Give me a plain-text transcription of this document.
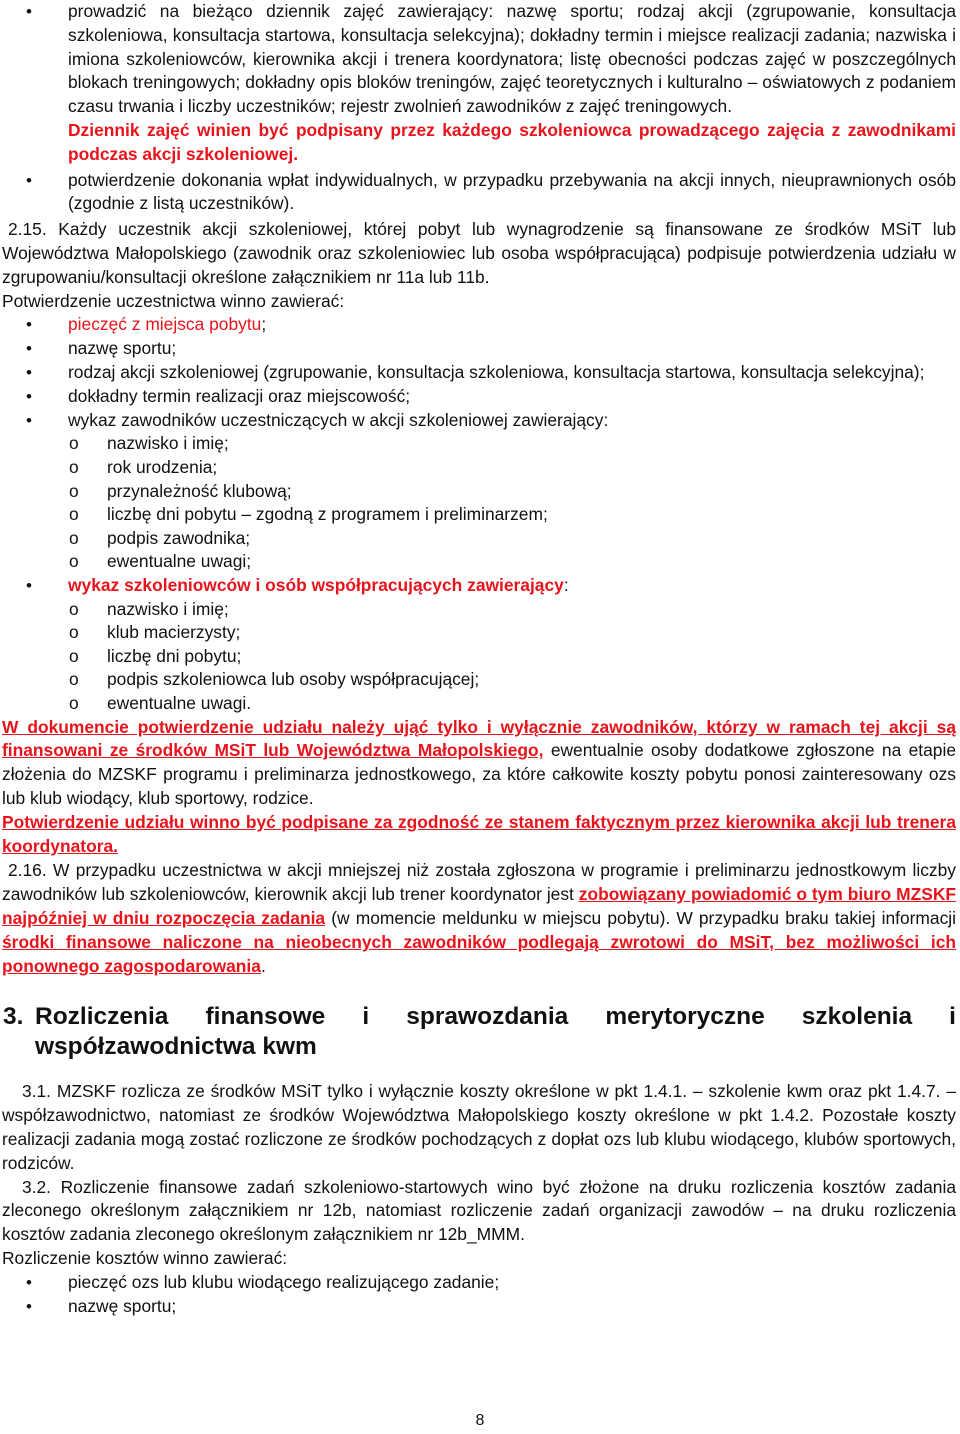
• prowadzić na bieżąco dziennik zajęć zawierający: nazwę sportu; rodzaj akcji (zgrupowanie, konsultacja szkoleniowa, konsultacja startowa, konsultacja selekcyjna); dokładny termin i miejsce realizacji zadania; nazwiska i imiona szkoleniowców, kierownika akcji i trenera koordynatora; listę obecności podczas zajęć w poszczególnych blokach treningowych; dokładny opis bloków treningów, zajęć teoretycznych i kulturalno – oświatowych z podaniem czasu trwania i liczby uczestników; rejestr zwolnień zawodników z zajęć treningowych.
Dziennik zajęć winien być podpisany przez każdego szkoleniowca prowadzącego zajęcia z zawodnikami podczas akcji szkoleniowej.
• potwierdzenie dokonania wpłat indywidualnych, w przypadku przebywania na akcji innych, nieuprawnionych osób (zgodnie z listą uczestników).

2.15. Każdy uczestnik akcji szkoleniowej, której pobyt lub wynagrodzenie są finansowane ze środków MSiT lub Województwa Małopolskiego (zawodnik oraz szkoleniowiec lub osoba współpracująca) podpisuje potwierdzenia udziału w zgrupowaniu/konsultacji określone załącznikiem nr 11a lub 11b.

Potwierdzenie uczestnictwa winno zawierać:

• pieczęć z miejsca pobytu;
• nazwę sportu;
• rodzaj akcji szkoleniowej (zgrupowanie, konsultacja szkoleniowa, konsultacja startowa, konsultacja selekcyjna);
• dokładny termin realizacji oraz miejscowość;
• wykaz zawodników uczestniczących w akcji szkoleniowej zawierający:
o nazwisko i imię;
o rok urodzenia;
o przynależność klubową;
o liczbę dni pobytu – zgodną z programem i preliminarzem;
o podpis zawodnika;
o ewentualne uwagi;
• wykaz szkoleniowców i osób współpracujących zawierający:
o nazwisko i imię;
o klub macierzysty;
o liczbę dni pobytu;
o podpis szkoleniowca lub osoby współpracującej;
o ewentualne uwagi.

W dokumencie potwierdzenie udziału należy ująć tylko i wyłącznie zawodników, którzy w ramach tej akcji są finansowani ze środków MSiT lub Województwa Małopolskiego, ewentualnie osoby dodatkowe zgłoszone na etapie złożenia do MZSKF programu i preliminarza jednostkowego, za które całkowite koszty pobytu ponosi zainteresowany ozs lub klub wiodący, klub sportowy, rodzice.

Potwierdzenie udziału winno być podpisane za zgodność ze stanem faktycznym przez kierownika akcji lub trenera koordynatora.

2.16. W przypadku uczestnictwa w akcji mniejszej niż została zgłoszona w programie i preliminarzu jednostkowym liczby zawodników lub szkoleniowców, kierownik akcji lub trener koordynator jest zobowiązany powiadomić o tym biuro MZSKF najpóźniej w dniu rozpoczęcia zadania (w momencie meldunku w miejscu pobytu). W przypadku braku takiej informacji środki finansowe naliczone na nieobecnych zawodników podlegają zwrotowi do MSiT, bez możliwości ich ponownego zagospodarowania.

3. Rozliczenia finansowe i sprawozdania merytoryczne szkolenia i współzawodnictwa kwm

3.1. MZSKF rozlicza ze środków MSiT tylko i wyłącznie koszty określone w pkt 1.4.1. – szkolenie kwm oraz pkt 1.4.7. – współzawodnictwo, natomiast ze środków Województwa Małopolskiego koszty określone w pkt 1.4.2. Pozostałe koszty realizacji zadania mogą zostać rozliczone ze środków pochodzących z dopłat ozs lub klubu wiodącego, klubów sportowych, rodziców.

3.2. Rozliczenie finansowe zadań szkoleniowo-startowych wino być złożone na druku rozliczenia kosztów zadania zleconego określonym załącznikiem nr 12b, natomiast rozliczenie zadań organizacji zawodów – na druku rozliczenia kosztów zadania zleconego określonym załącznikiem nr 12b_MMM.

Rozliczenie kosztów winno zawierać:

• pieczęć ozs lub klubu wiodącego realizującego zadanie;
• nazwę sportu;
8
